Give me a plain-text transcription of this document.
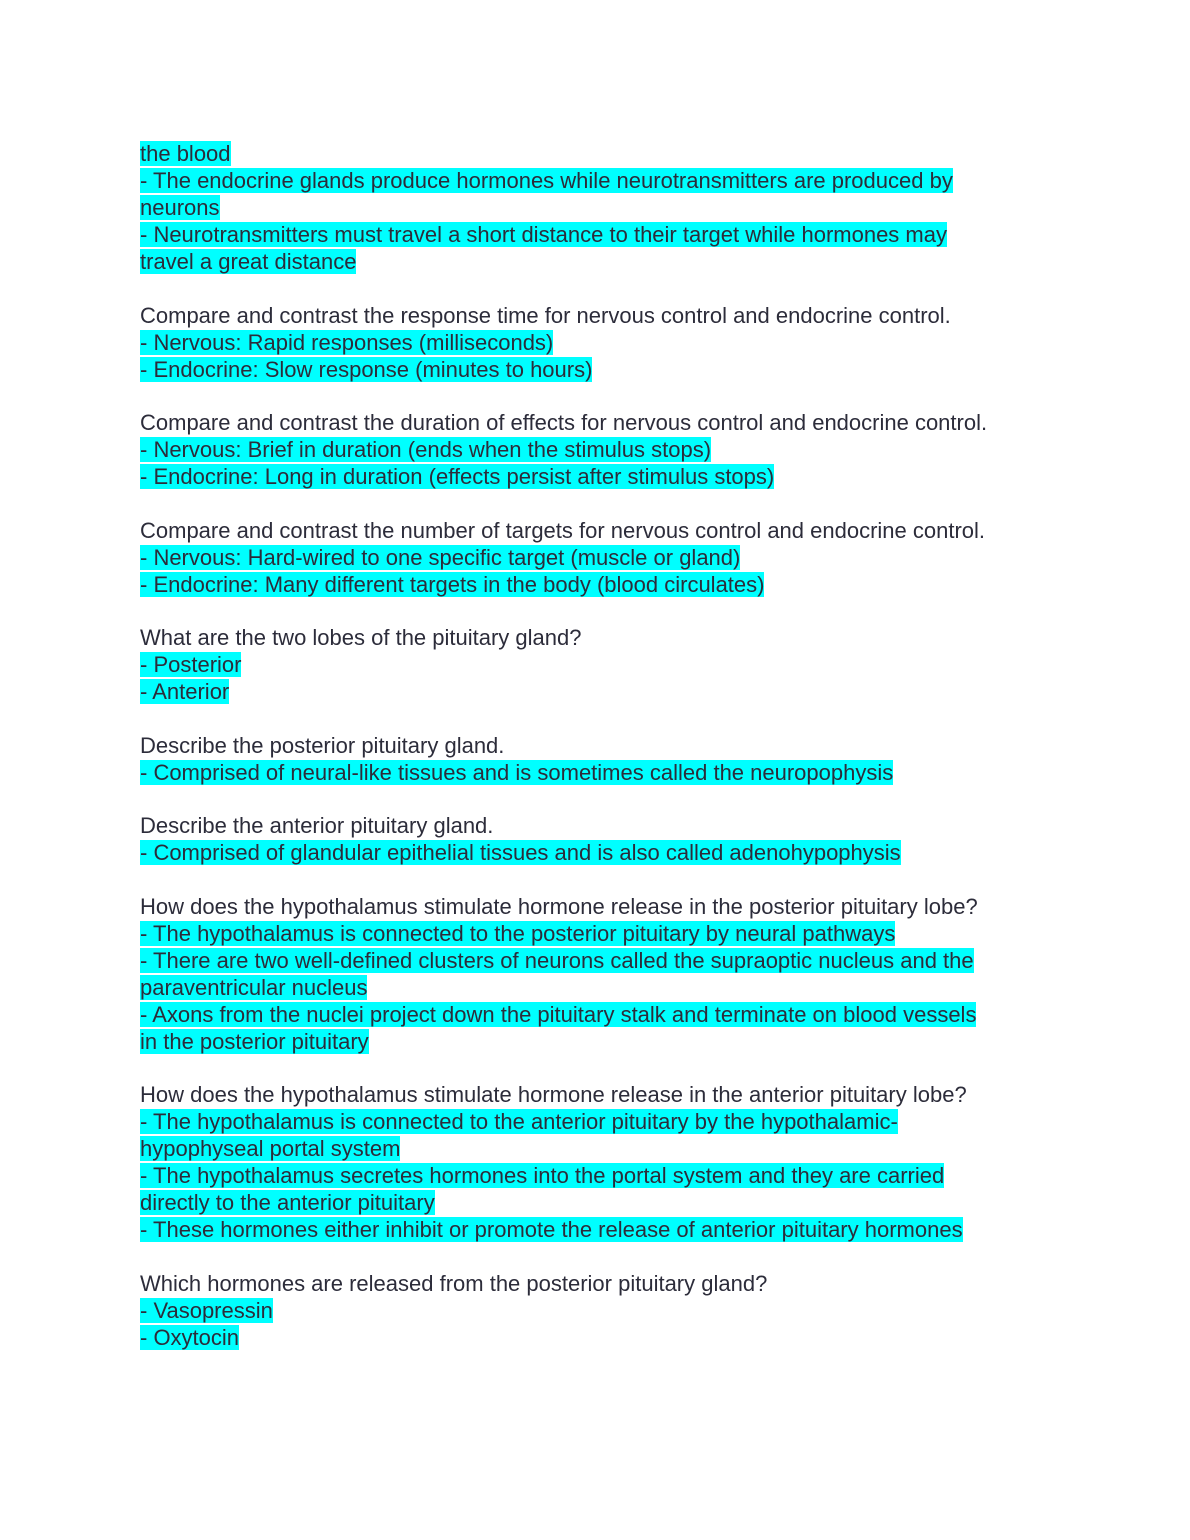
the blood
- The endocrine glands produce hormones while neurotransmitters are produced by
neurons
- Neurotransmitters must travel a short distance to their target while hormones may
travel a great distance
Compare and contrast the response time for nervous control and endocrine control.
- Nervous: Rapid responses (milliseconds)
- Endocrine: Slow response (minutes to hours)
Compare and contrast the duration of effects for nervous control and endocrine control.
- Nervous: Brief in duration (ends when the stimulus stops)
- Endocrine: Long in duration (effects persist after stimulus stops)
Compare and contrast the number of targets for nervous control and endocrine control.
- Nervous: Hard-wired to one specific target (muscle or gland)
- Endocrine: Many different targets in the body (blood circulates)
What are the two lobes of the pituitary gland?
- Posterior
- Anterior
Describe the posterior pituitary gland.
- Comprised of neural-like tissues and is sometimes called the neuropophysis
Describe the anterior pituitary gland.
- Comprised of glandular epithelial tissues and is also called adenohypophysis
How does the hypothalamus stimulate hormone release in the posterior pituitary lobe?
- The hypothalamus is connected to the posterior pituitary by neural pathways
- There are two well-defined clusters of neurons called the supraoptic nucleus and the
paraventricular nucleus
- Axons from the nuclei project down the pituitary stalk and terminate on blood vessels
in the posterior pituitary
How does the hypothalamus stimulate hormone release in the anterior pituitary lobe?
- The hypothalamus is connected to the anterior pituitary by the hypothalamic-
hypophyseal portal system
- The hypothalamus secretes hormones into the portal system and they are carried
directly to the anterior pituitary
- These hormones either inhibit or promote the release of anterior pituitary hormones
Which hormones are released from the posterior pituitary gland?
- Vasopressin
- Oxytocin
